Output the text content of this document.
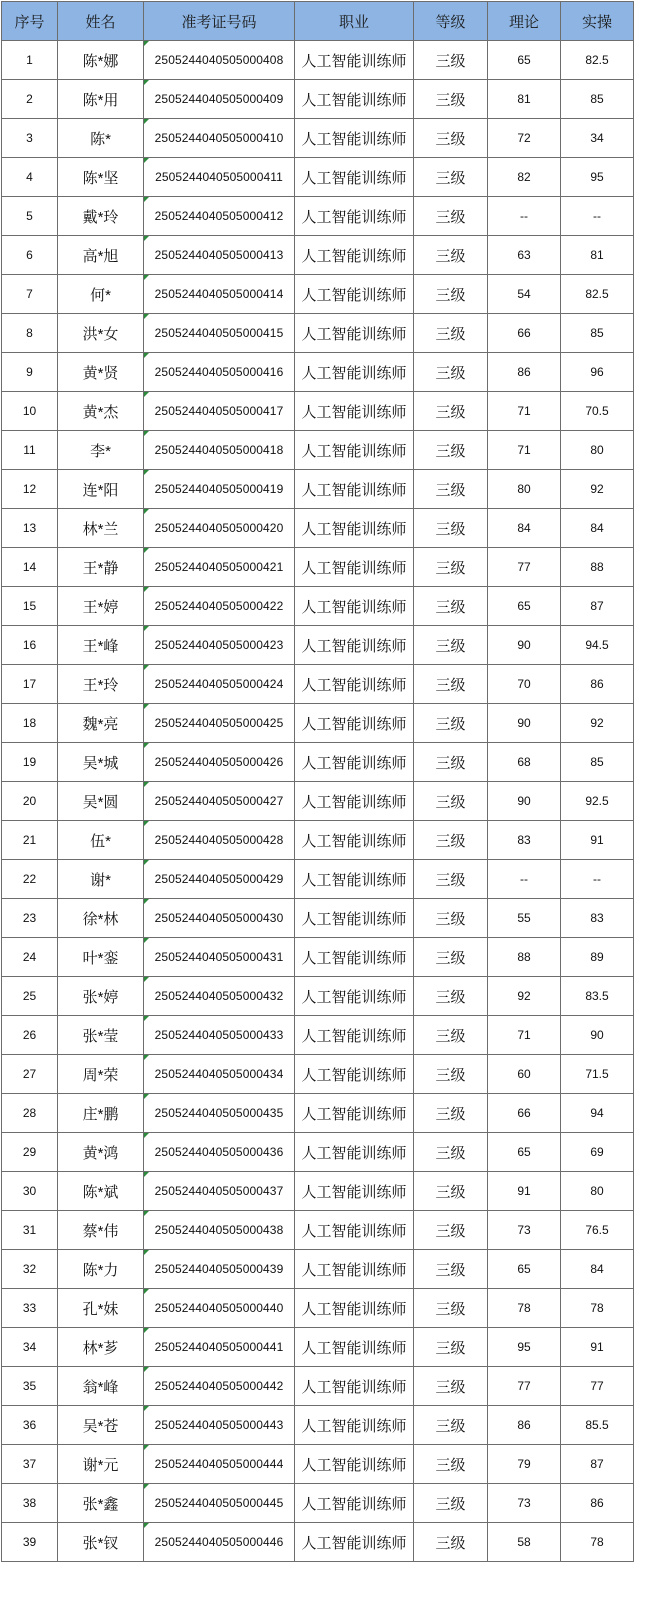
序号	姓名	准考证号码	职业	等级	理论	实操
1	陈*娜	2505244040505000408	人工智能训练师	三级	65	82.5
2	陈*用	2505244040505000409	人工智能训练师	三级	81	85
3	陈*	2505244040505000410	人工智能训练师	三级	72	34
4	陈*坚	2505244040505000411	人工智能训练师	三级	82	95
5	戴*玲	2505244040505000412	人工智能训练师	三级	--	--
6	高*旭	2505244040505000413	人工智能训练师	三级	63	81
7	何*	2505244040505000414	人工智能训练师	三级	54	82.5
8	洪*女	2505244040505000415	人工智能训练师	三级	66	85
9	黄*贤	2505244040505000416	人工智能训练师	三级	86	96
10	黄*杰	2505244040505000417	人工智能训练师	三级	71	70.5
11	李*	2505244040505000418	人工智能训练师	三级	71	80
12	连*阳	2505244040505000419	人工智能训练师	三级	80	92
13	林*兰	2505244040505000420	人工智能训练师	三级	84	84
14	王*静	2505244040505000421	人工智能训练师	三级	77	88
15	王*婷	2505244040505000422	人工智能训练师	三级	65	87
16	王*峰	2505244040505000423	人工智能训练师	三级	90	94.5
17	王*玲	2505244040505000424	人工智能训练师	三级	70	86
18	魏*亮	2505244040505000425	人工智能训练师	三级	90	92
19	吴*城	2505244040505000426	人工智能训练师	三级	68	85
20	吴*圆	2505244040505000427	人工智能训练师	三级	90	92.5
21	伍*	2505244040505000428	人工智能训练师	三级	83	91
22	谢*	2505244040505000429	人工智能训练师	三级	--	--
23	徐*林	2505244040505000430	人工智能训练师	三级	55	83
24	叶*銮	2505244040505000431	人工智能训练师	三级	88	89
25	张*婷	2505244040505000432	人工智能训练师	三级	92	83.5
26	张*莹	2505244040505000433	人工智能训练师	三级	71	90
27	周*荣	2505244040505000434	人工智能训练师	三级	60	71.5
28	庄*鹏	2505244040505000435	人工智能训练师	三级	66	94
29	黄*鸿	2505244040505000436	人工智能训练师	三级	65	69
30	陈*斌	2505244040505000437	人工智能训练师	三级	91	80
31	蔡*伟	2505244040505000438	人工智能训练师	三级	73	76.5
32	陈*力	2505244040505000439	人工智能训练师	三级	65	84
33	孔*妹	2505244040505000440	人工智能训练师	三级	78	78
34	林*芗	2505244040505000441	人工智能训练师	三级	95	91
35	翁*峰	2505244040505000442	人工智能训练师	三级	77	77
36	吴*苍	2505244040505000443	人工智能训练师	三级	86	85.5
37	谢*元	2505244040505000444	人工智能训练师	三级	79	87
38	张*鑫	2505244040505000445	人工智能训练师	三级	73	86
39	张*钗	2505244040505000446	人工智能训练师	三级	58	78
